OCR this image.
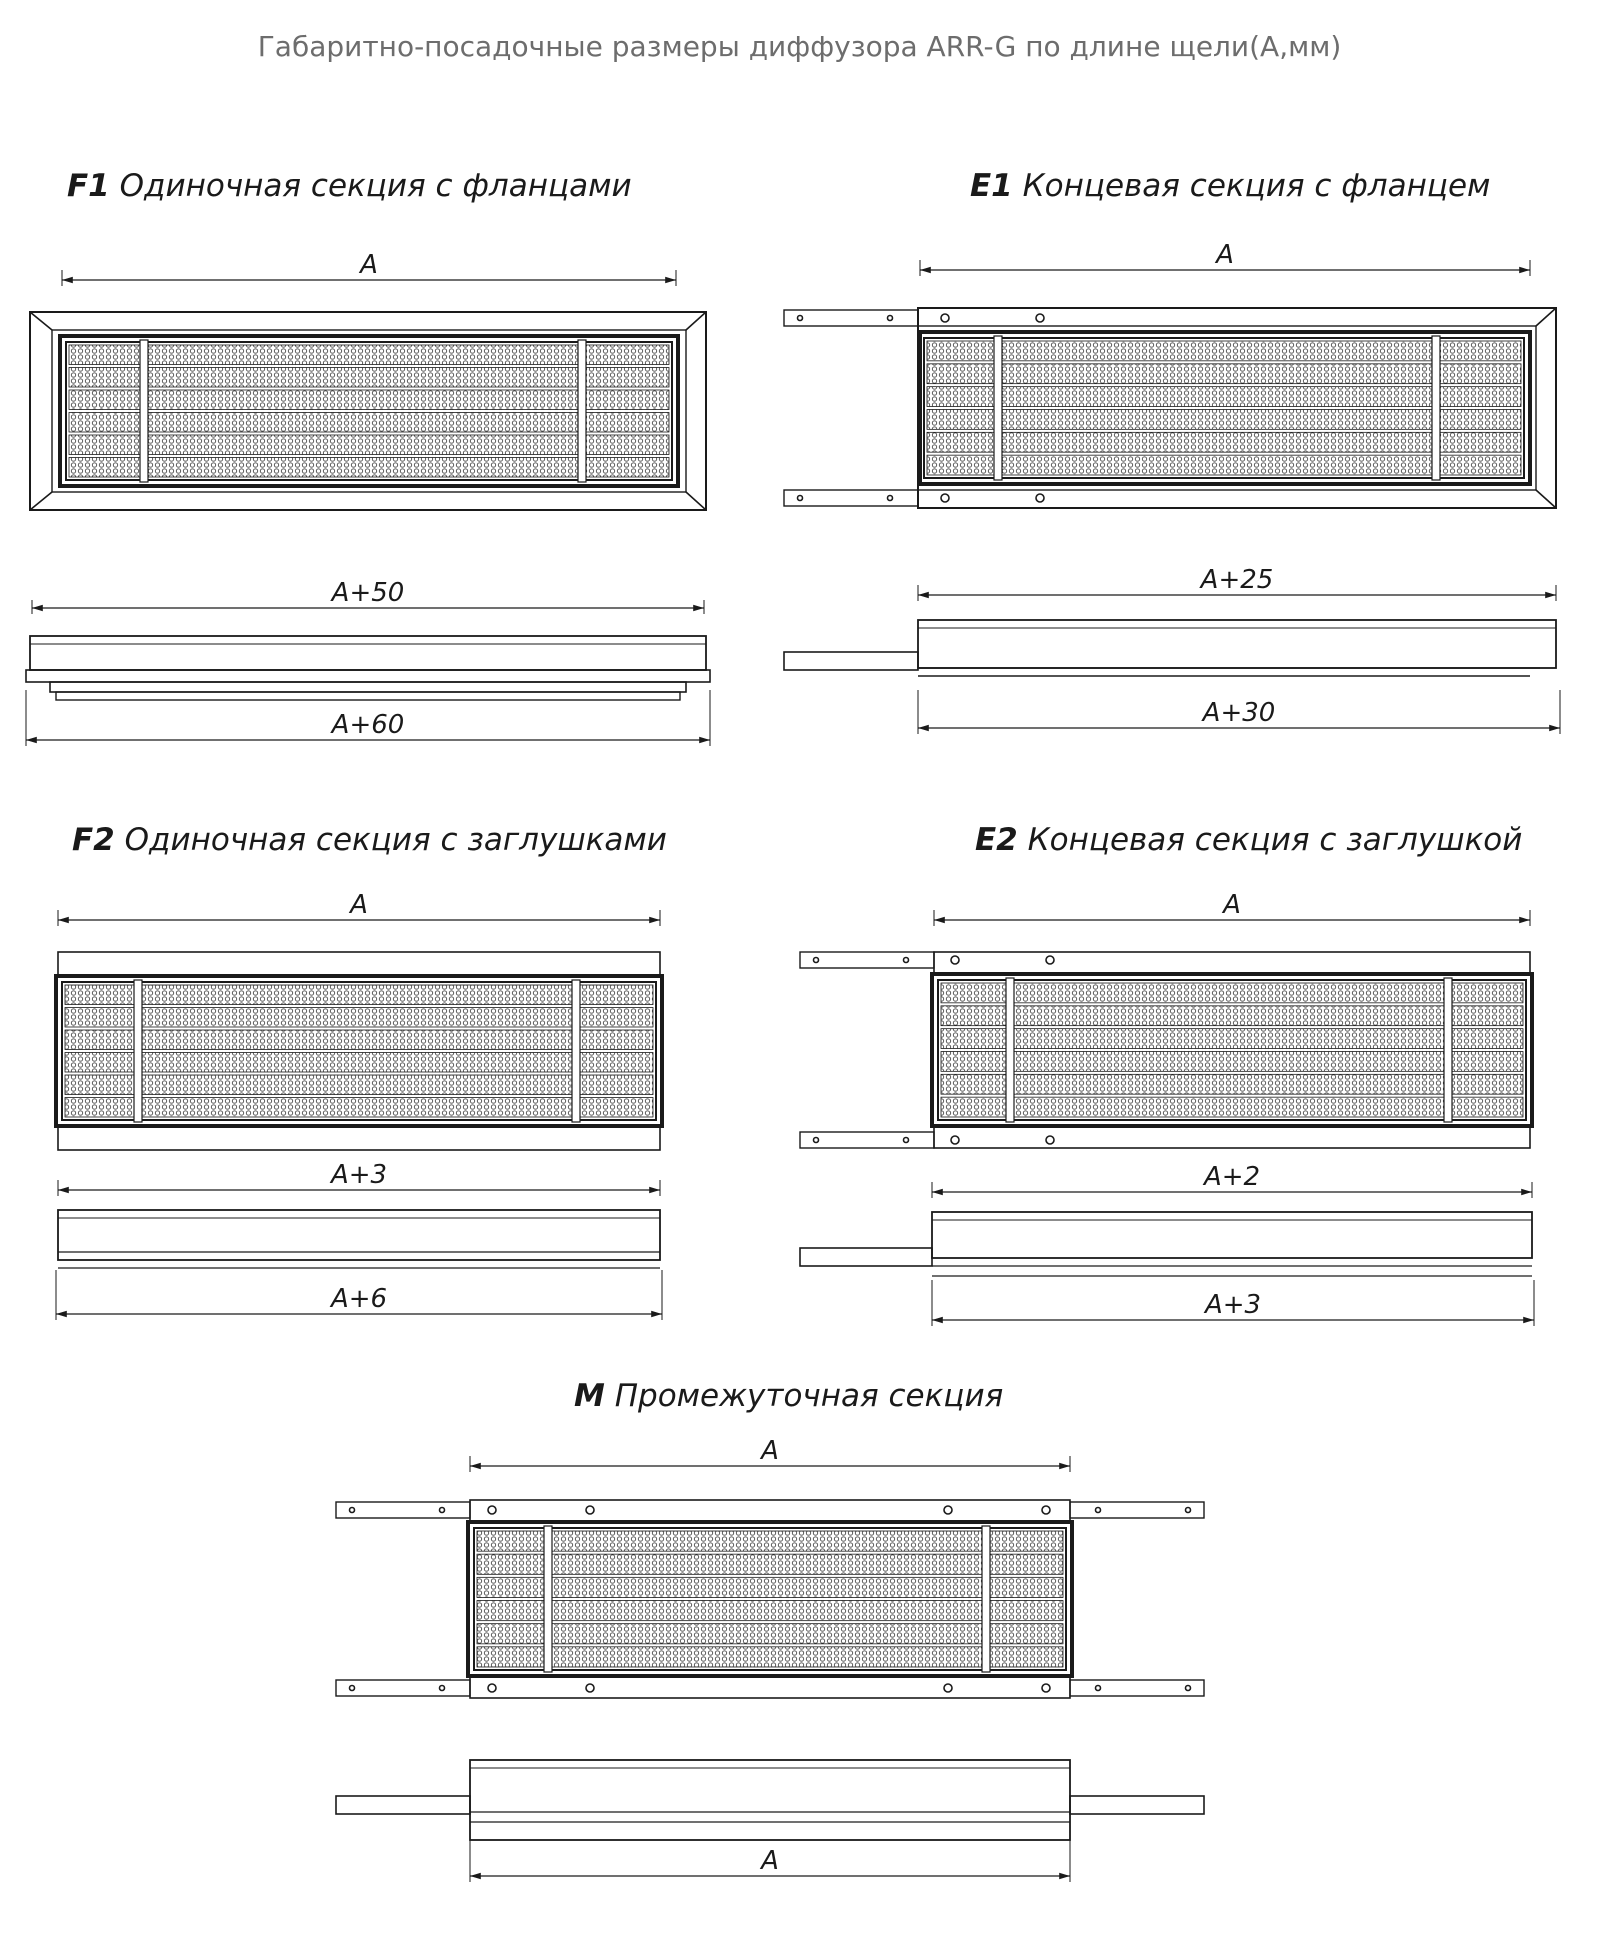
Габаритно-посадочные размеры диффузора ARR-G по длине щели(А,мм)
F1 Одиночная секция с фланцами	E1 Концевая секция с фланцем
F2 Одиночная секция с заглушками	E2 Концевая секция с заглушкой
M Промежуточная секция
A
A+50
A+60
A
A+25
A+30
A
A+3
A+6
A
A+2
A+3
A
A
